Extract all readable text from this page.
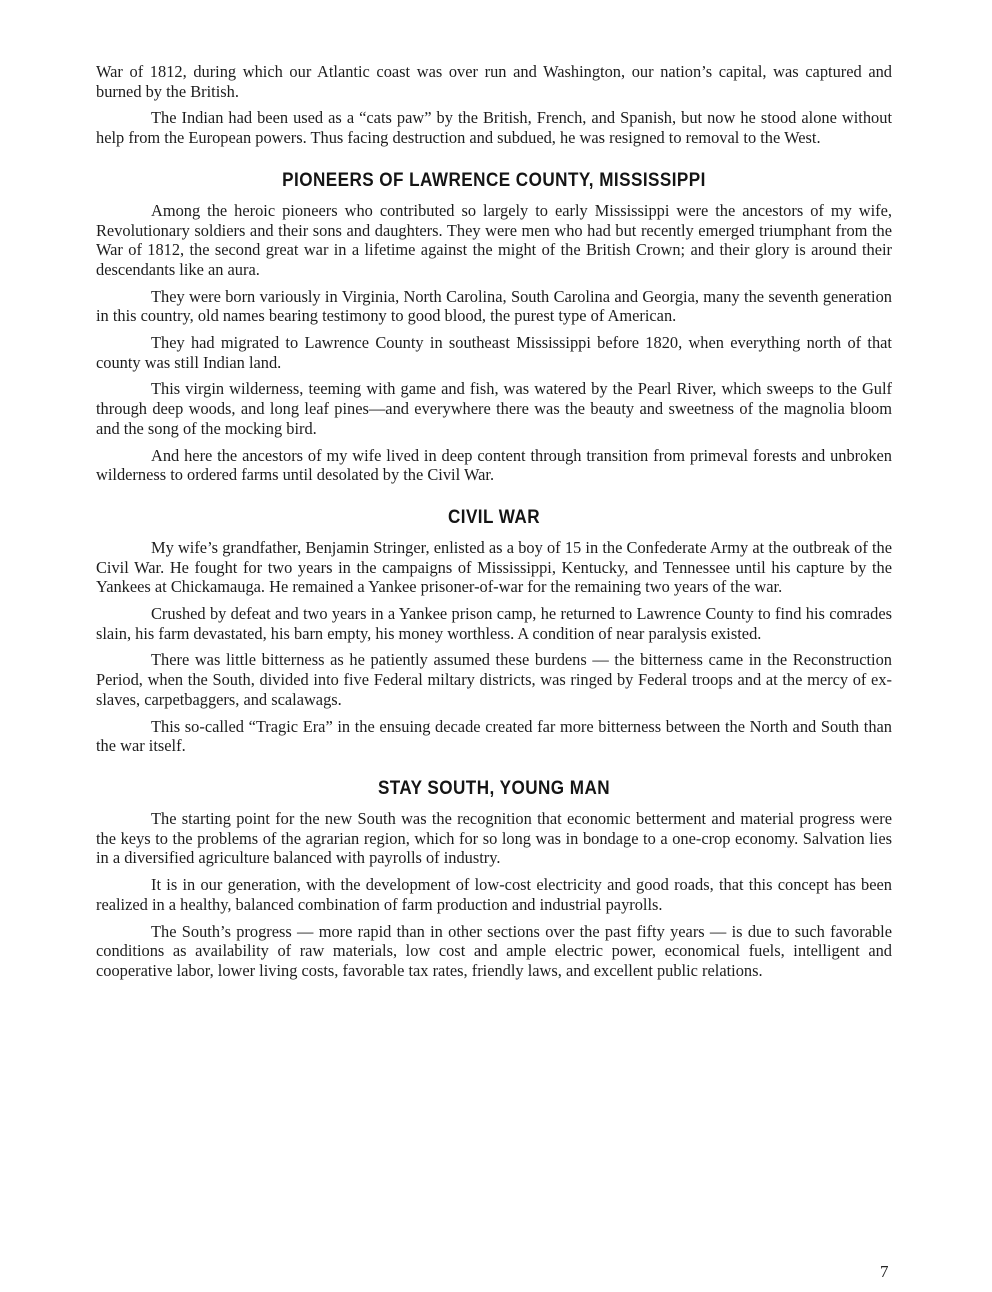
War of 1812, during which our Atlantic coast was over run and Washington, our nation’s capital, was captured and burned by the British.

The Indian had been used as a “cats paw” by the British, French, and Spanish, but now he stood alone without help from the European powers. Thus facing destruction and subdued, he was resigned to removal to the West.

PIONEERS OF LAWRENCE COUNTY, MISSISSIPPI

Among the heroic pioneers who contributed so largely to early Mississippi were the ancestors of my wife, Revolutionary soldiers and their sons and daughters. They were men who had but recently emerged triumphant from the War of 1812, the second great war in a lifetime against the might of the British Crown; and their glory is around their descendants like an aura.

They were born variously in Virginia, North Carolina, South Carolina and Georgia, many the seventh generation in this country, old names bearing testimony to good blood, the purest type of American.

They had migrated to Lawrence County in southeast Mississippi before 1820, when everything north of that county was still Indian land.

This virgin wilderness, teeming with game and fish, was watered by the Pearl River, which sweeps to the Gulf through deep woods, and long leaf pines—and everywhere there was the beauty and sweetness of the magnolia bloom and the song of the mocking bird.

And here the ancestors of my wife lived in deep content through transition from primeval forests and unbroken wilderness to ordered farms until desolated by the Civil War.

CIVIL WAR

My wife’s grandfather, Benjamin Stringer, enlisted as a boy of 15 in the Confederate Army at the outbreak of the Civil War. He fought for two years in the campaigns of Mississippi, Kentucky, and Tennessee until his capture by the Yankees at Chickamauga. He remained a Yankee prisoner-of-war for the remaining two years of the war.

Crushed by defeat and two years in a Yankee prison camp, he returned to Lawrence County to find his comrades slain, his farm devastated, his barn empty, his money worthless. A condition of near paralysis existed.

There was little bitterness as he patiently assumed these burdens — the bitterness came in the Reconstruction Period, when the South, divided into five Federal miltary districts, was ringed by Federal troops and at the mercy of ex-slaves, carpetbaggers, and scalawags.

This so-called “Tragic Era” in the ensuing decade created far more bitterness between the North and South than the war itself.

STAY SOUTH, YOUNG MAN

The starting point for the new South was the recognition that economic betterment and material progress were the keys to the problems of the agrarian region, which for so long was in bondage to a one-crop economy. Salvation lies in a diversified agriculture balanced with payrolls of industry.

It is in our generation, with the development of low-cost electricity and good roads, that this concept has been realized in a healthy, balanced combination of farm production and industrial payrolls.

The South’s progress — more rapid than in other sections over the past fifty years — is due to such favorable conditions as availability of raw materials, low cost and ample electric power, economical fuels, intelligent and cooperative labor, lower living costs, favorable tax rates, friendly laws, and excellent public relations.

7
